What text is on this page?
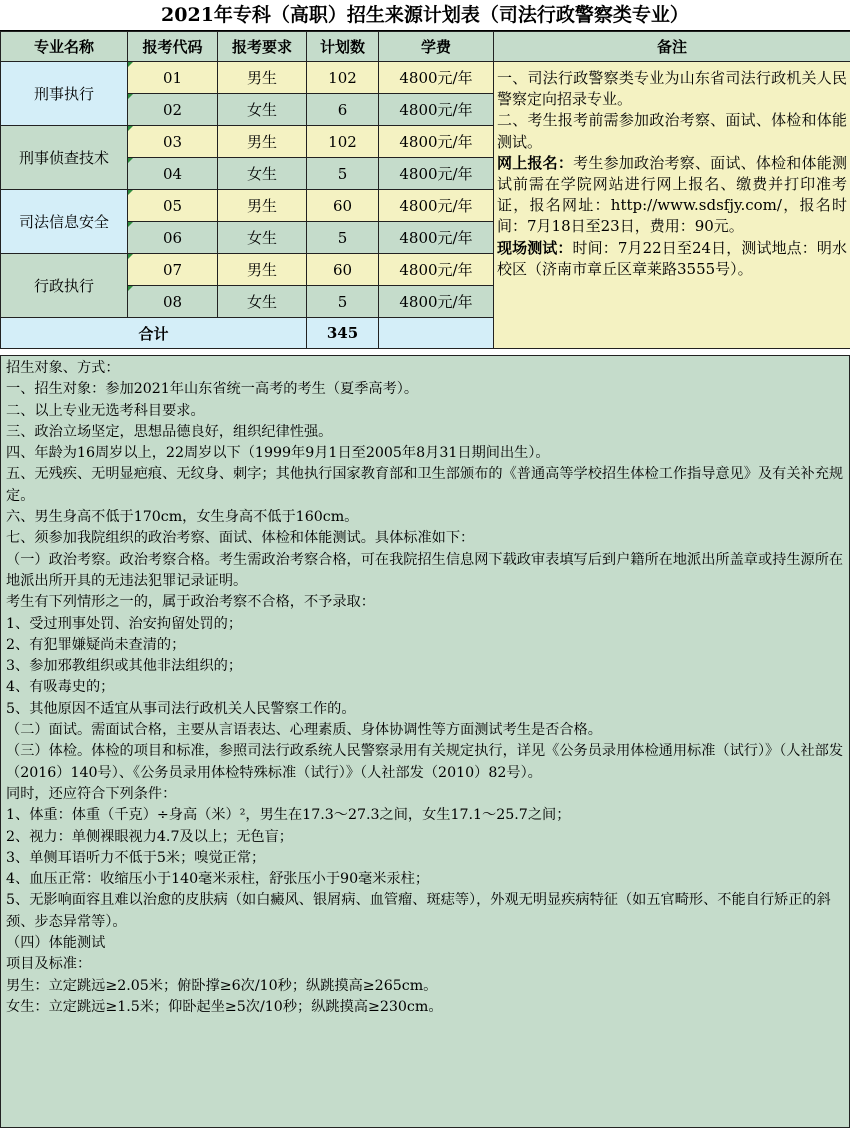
2021年专科（高职）招生来源计划表（司法行政警察类专业）
专业名称	报考代码	报考要求	计划数	学费	备注
刑事执行	01	男生	102	4800元/年	一、司法行政警察类专业为山东省司法行政机关人民警察定向招录专业。

二、考生报考前需参加政治考察、面试、体检和体能测试。

网上报名：考生参加政治考察、面试、体检和体能测试前需在学院网站进行网上报名、缴费并打印准考证，报名网址：http://www.sdsfjy.com/，报名时间：7月18日至23日，费用：90元。

现场测试：时间：7月22日至24日，测试地点：明水校区（济南市章丘区章莱路3555号）。

	02	女生	6	4800元/年	
刑事侦查技术	03	男生	102	4800元/年	
	04	女生	5	4800元/年	
司法信息安全	05	男生	60	4800元/年	
	06	女生	5	4800元/年	
行政执行	07	男生	60	4800元/年	
	08	女生	5	4800元/年	
合计			345		

招生对象、方式：

一、招生对象：参加2021年山东省统一高考的考生（夏季高考）。

二、以上专业无选考科目要求。

三、政治立场坚定，思想品德良好，组织纪律性强。

四、年龄为16周岁以上，22周岁以下（1999年9月1日至2005年8月31日期间出生）。

五、无残疾、无明显疤痕、无纹身、刺字；其他执行国家教育部和卫生部颁布的《普通高等学校招生体检工作指导意见》及有关补充规定。

六、男生身高不低于170cm，女生身高不低于160cm。

七、须参加我院组织的政治考察、面试、体检和体能测试。具体标准如下：

（一）政治考察。政治考察合格。考生需政治考察合格，可在我院招生信息网下载政审表填写后到户籍所在地派出所盖章或持生源所在地派出所开具的无违法犯罪记录证明。

考生有下列情形之一的，属于政治考察不合格，不予录取：

1、受过刑事处罚、治安拘留处罚的；

2、有犯罪嫌疑尚未查清的；

3、参加邪教组织或其他非法组织的；

4、有吸毒史的；

5、其他原因不适宜从事司法行政机关人民警察工作的。

（二）面试。需面试合格，主要从言语表达、心理素质、身体协调性等方面测试考生是否合格。

（三）体检。体检的项目和标准，参照司法行政系统人民警察录用有关规定执行，详见《公务员录用体检通用标准（试行）》（人社部发（2016）140号）、《公务员录用体检特殊标准（试行）》（人社部发（2010）82号）。

同时，还应符合下列条件：

1、体重：体重（千克）÷身高（米）²，男生在17.3～27.3之间，女生17.1～25.7之间；

2、视力：单侧裸眼视力4.7及以上；无色盲；

3、单侧耳语听力不低于5米；嗅觉正常；

4、血压正常：收缩压小于140毫米汞柱，舒张压小于90毫米汞柱；

5、无影响面容且难以治愈的皮肤病（如白癜风、银屑病、血管瘤、斑痣等），外观无明显疾病特征（如五官畸形、不能自行矫正的斜颈、步态异常等）。

（四）体能测试

项目及标准：

男生：立定跳远≥2.05米；俯卧撑≥6次/10秒；纵跳摸高≥265cm。

女生：立定跳远≥1.5米；仰卧起坐≥5次/10秒；纵跳摸高≥230cm。
